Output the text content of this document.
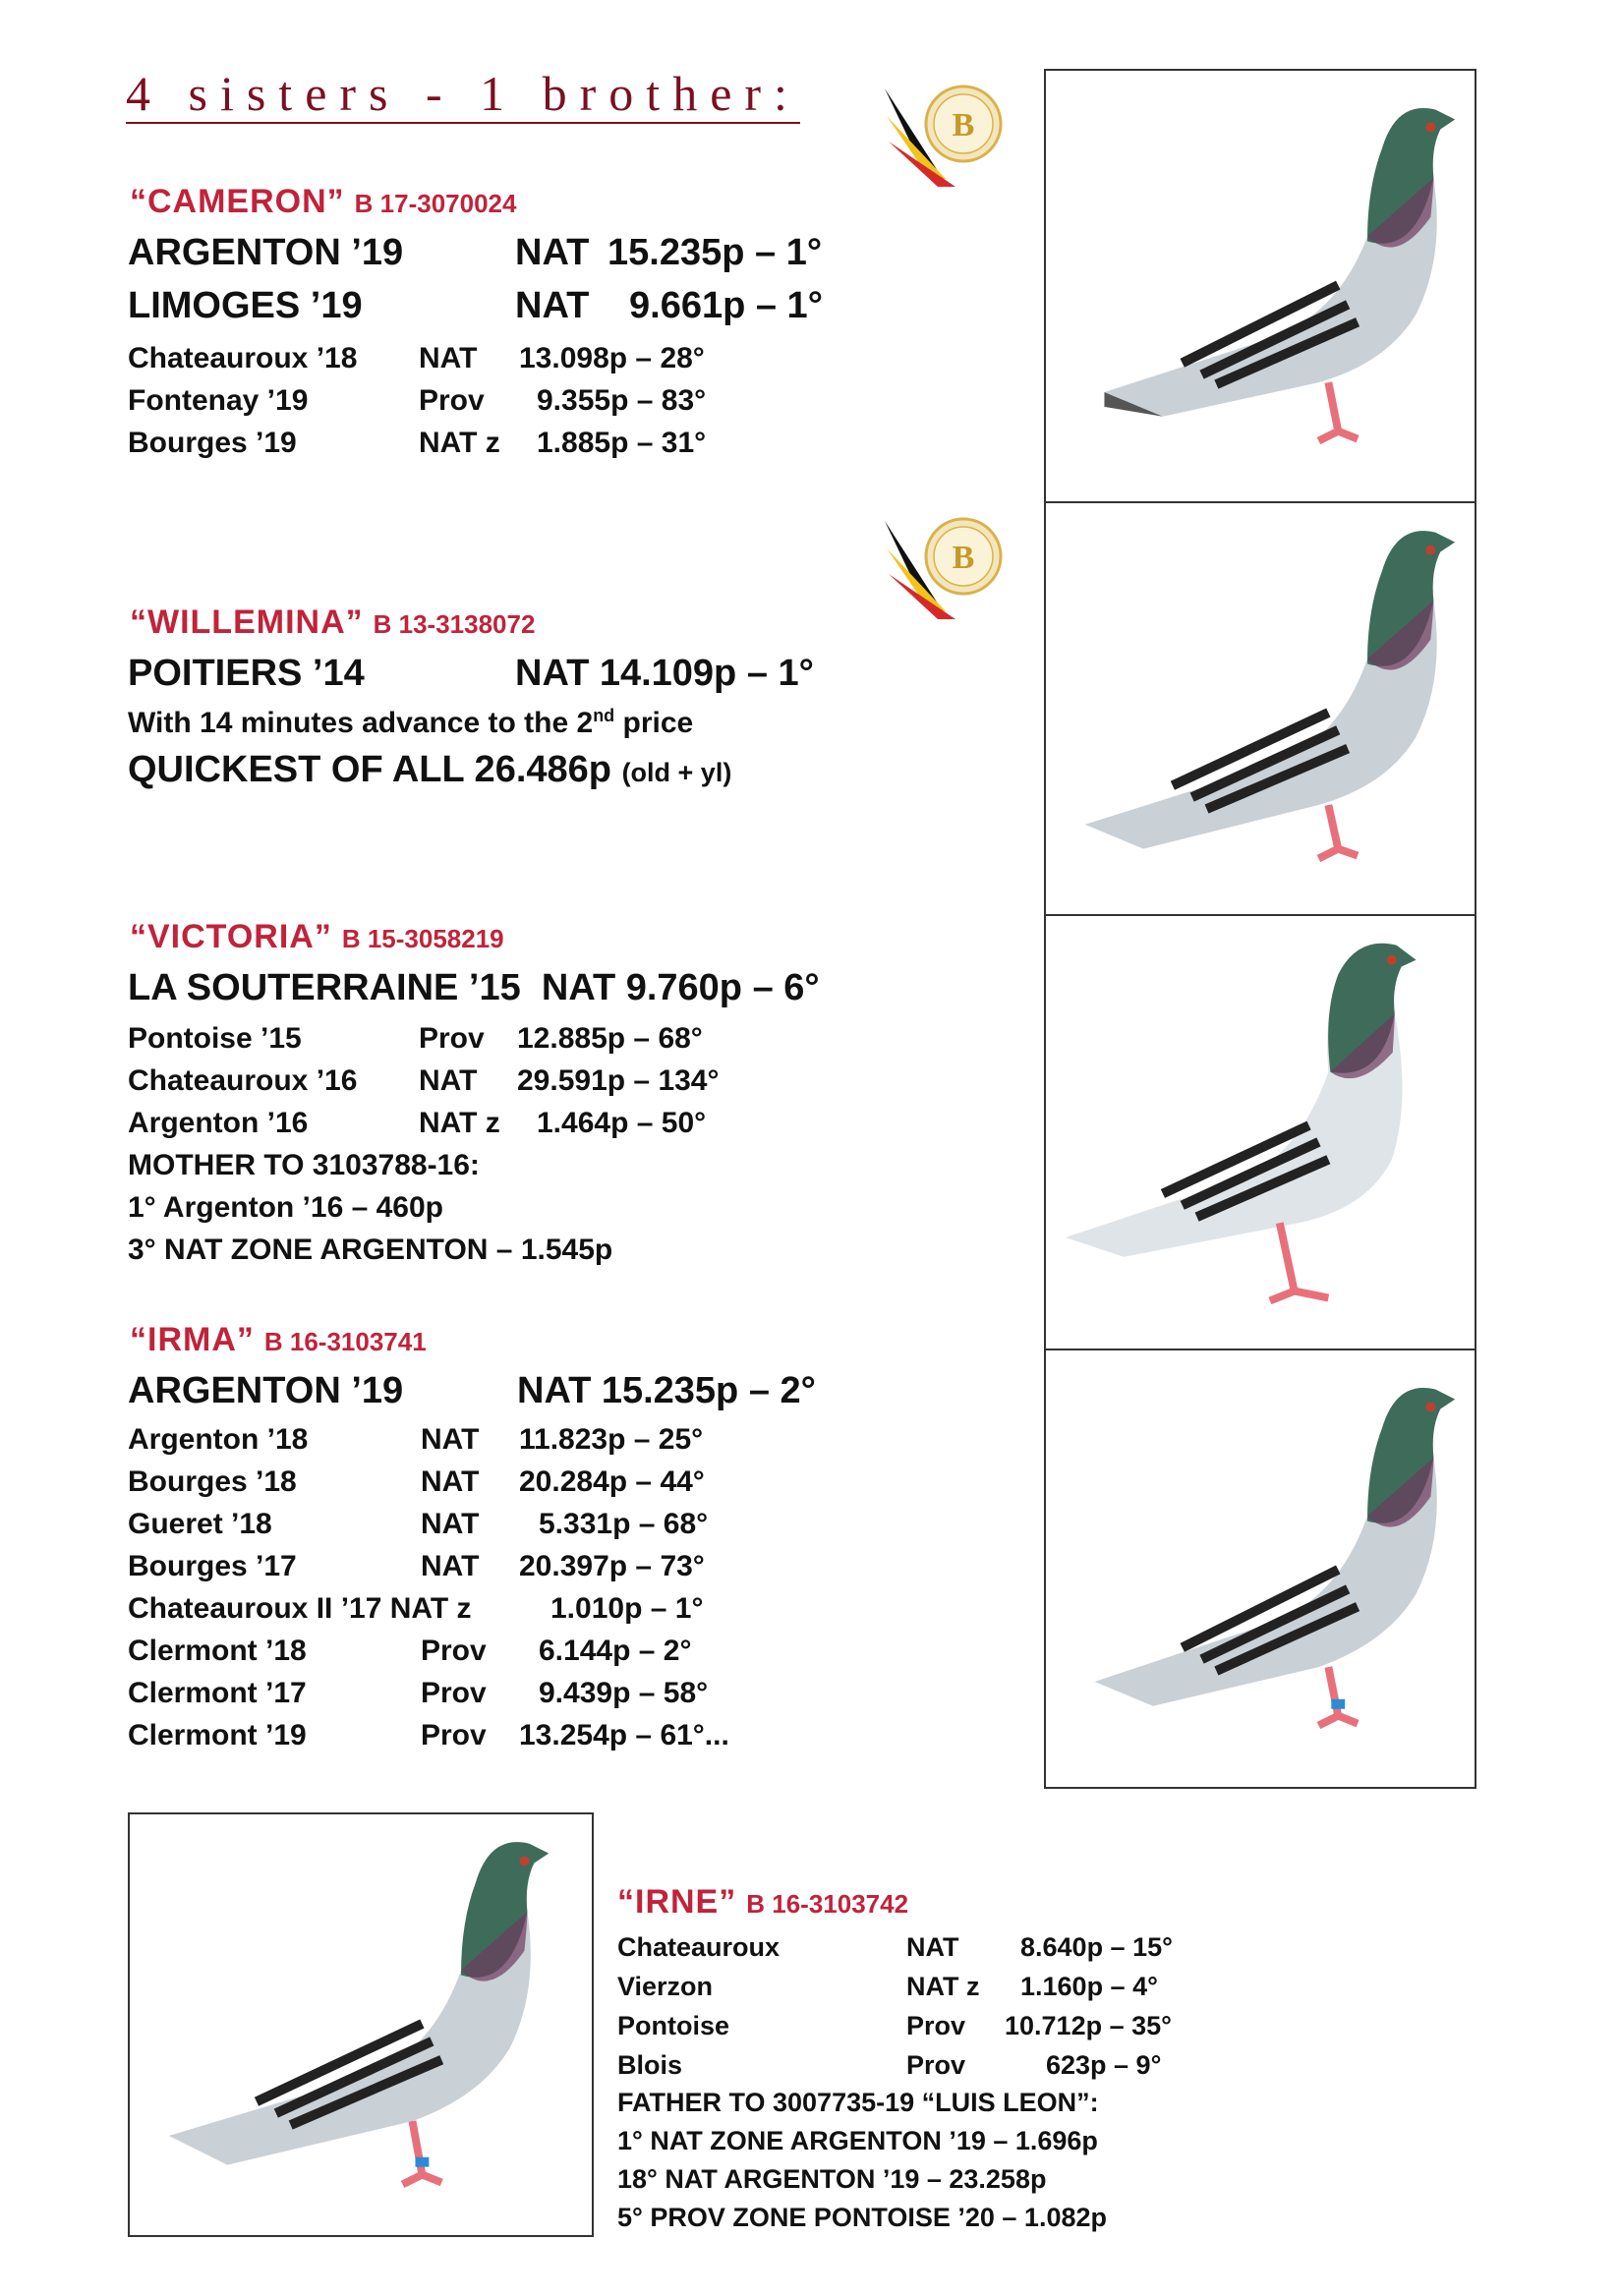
4 sisters - 1 brother:
B
B
“CAMERON” B 17-3070024
ARGENTON ’19	NAT 15.235p – 1°
LIMOGES ’19	NAT 9.661p – 1°
Chateauroux ’18 NAT 13.098p – 28°
Fontenay ’19	Prov 9.355p – 83°
Bourges ’19	NAT z 1.885p – 31°
“WILLEMINA” B 13-3138072
POITIERS ’14	NAT 14.109p – 1°
With 14 minutes advance to the 2nd price
QUICKEST OF ALL 26.486p (old + yl)
“VICTORIA” B 15-3058219
LA SOUTERRAINE ’15  NAT 9.760p – 6°
Pontoise ’15	Prov 12.885p – 68°
Chateauroux ’16 NAT 29.591p – 134°
Argenton ’16	NAT z 1.464p – 50°
MOTHER TO 3103788-16:
1° Argenton ’16 – 460p
3° NAT ZONE ARGENTON – 1.545p
“IRMA” B 16-3103741
ARGENTON ’19	NAT 15.235p – 2°
Argenton ’18	NAT 11.823p – 25°
Bourges ’18	NAT 20.284p – 44°
Gueret ’18	NAT 5.331p – 68°
Bourges ’17	NAT 20.397p – 73°
Chateauroux II ’17 NAT z	1.010p – 1°
Clermont ’18	Prov 6.144p – 2°
Clermont ’17	Prov 9.439p – 58°
Clermont ’19	Prov 13.254p – 61°...
“IRNE” B 16-3103742
Chateauroux	NAT 8.640p – 15°
Vierzon	NAT z 1.160p – 4°
Pontoise	Prov 10.712p – 35°
Blois	Prov	623p – 9°
FATHER TO 3007735-19 “LUIS LEON”:
1° NAT ZONE ARGENTON ’19 – 1.696p
18° NAT ARGENTON ’19 – 23.258p
5° PROV ZONE PONTOISE ’20 – 1.082p
